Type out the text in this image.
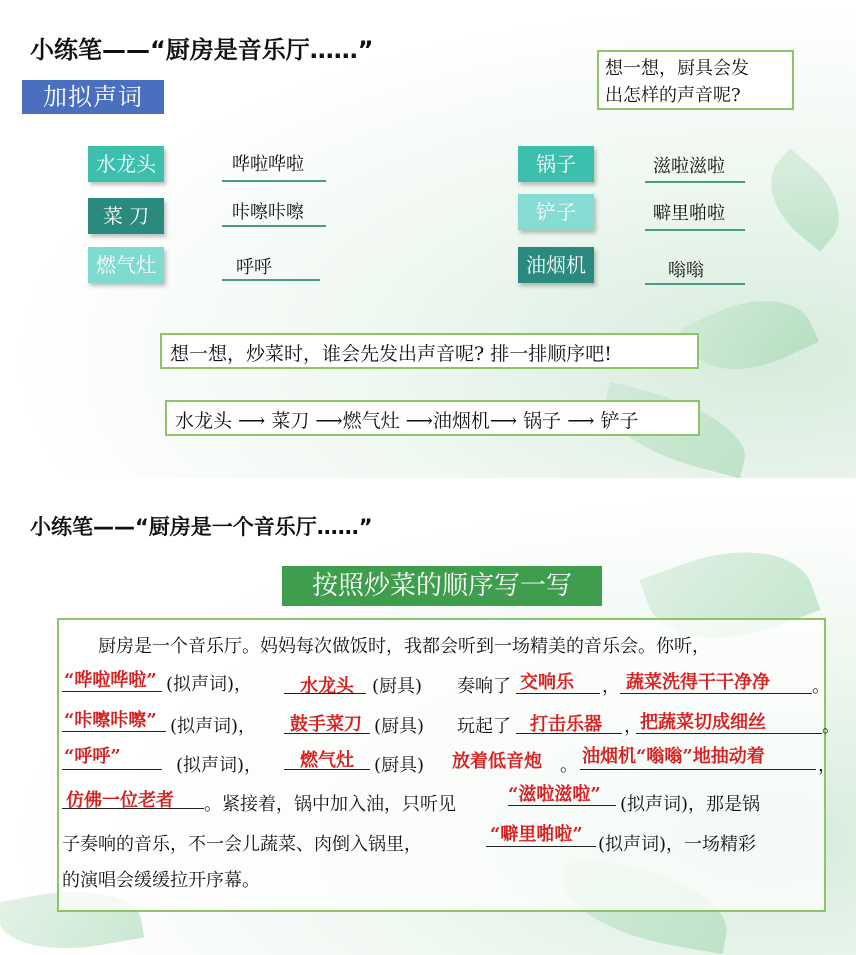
小练笔——“厨房是音乐厅……”
加拟声词
想一想，厨具会发
出怎样的声音呢?
水龙头	哗啦哗啦
菜 刀	咔嚓咔嚓
燃气灶	呼呼
锅子	滋啦滋啦
铲子	噼里啪啦
油烟机	嗡嗡
想一想，炒菜时，谁会先发出声音呢? 排一排顺序吧!
水龙头 ⟶ 菜刀 ⟶燃气灶 ⟶油烟机⟶ 锅子 ⟶ 铲子
小练笔——“厨房是一个音乐厅……”
按照炒菜的顺序写一写
厨房是一个音乐厅。妈妈每次做饭时，我都会听到一场精美的音乐会。你听，
“哗啦哗啦” (拟声词)，	水龙头 (厨具) 奏响了 交响乐 ， 蔬菜洗得干干净净 。
“咔嚓咔嚓” (拟声词)， 鼓手菜刀 (厨具) 玩起了 打击乐器 ，
把蔬菜切成细丝	。
“呼呼”	(拟声词)， 燃气灶 (厨具) 放着低音炮 。 油烟机“嗡嗡”地抽动着	，
仿佛一位老者 。紧接着，锅中加入油，只听见	“滋啦滋啦” (拟声词)，那是锅
子奏响的音乐，不一会儿蔬菜、肉倒入锅里，	“噼里啪啦” (拟声词)，一场精彩
的演唱会缓缓拉开序幕。
